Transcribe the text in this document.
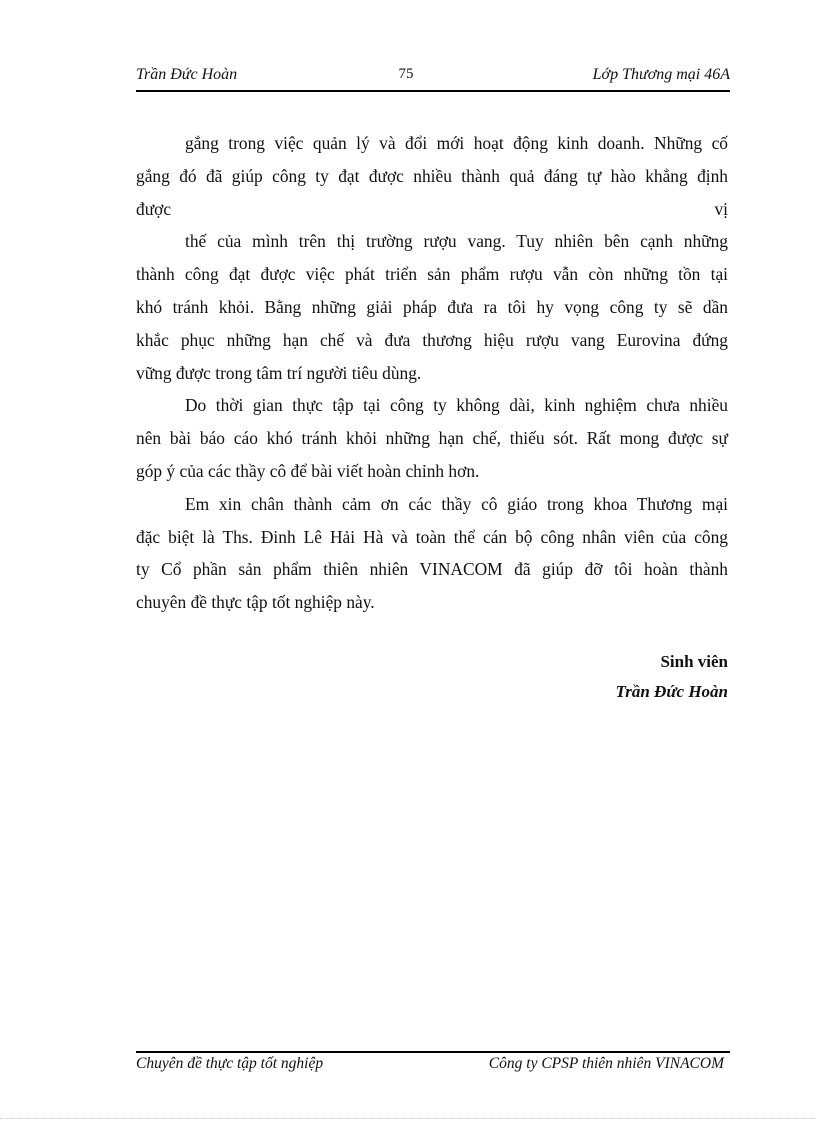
Trần Đức Hoàn	75	Lớp Thương mại 46A
gắng trong việc quản lý và đổi mới hoạt động kinh doanh. Những cố
gắng đó đã giúp công ty đạt được nhiều thành quả đáng tự hào khẳng định
được	vị
thế của mình trên thị trường rượu vang. Tuy nhiên bên cạnh những
thành công đạt được việc phát triển sản phẩm rượu vẫn còn những tồn tại
khó tránh khỏi. Bằng những giải pháp đưa ra tôi hy vọng công ty sẽ dần
khắc phục những hạn chế và đưa thương hiệu rượu vang Eurovina đứng
vững được trong tâm trí người tiêu dùng.
Do thời gian thực tập tại công ty không dài, kinh nghiệm chưa nhiều
nên bài báo cáo khó tránh khỏi những hạn chế, thiếu sót. Rất mong được sự
góp ý của các thầy cô để bài viết hoàn chỉnh hơn.
Em xin chân thành cảm ơn các thầy cô giáo trong khoa Thương mại
đặc biệt là Ths. Đinh Lê Hải Hà và toàn thể cán bộ công nhân viên của công
ty Cổ phần sản phẩm thiên nhiên VINACOM đã giúp đỡ tôi hoàn thành
chuyên đề thực tập tốt nghiệp này.
Sinh viên
Trần Đức Hoàn
Chuyên đề thực tập tốt nghiệp	Công ty CPSP thiên nhiên VINACOM
